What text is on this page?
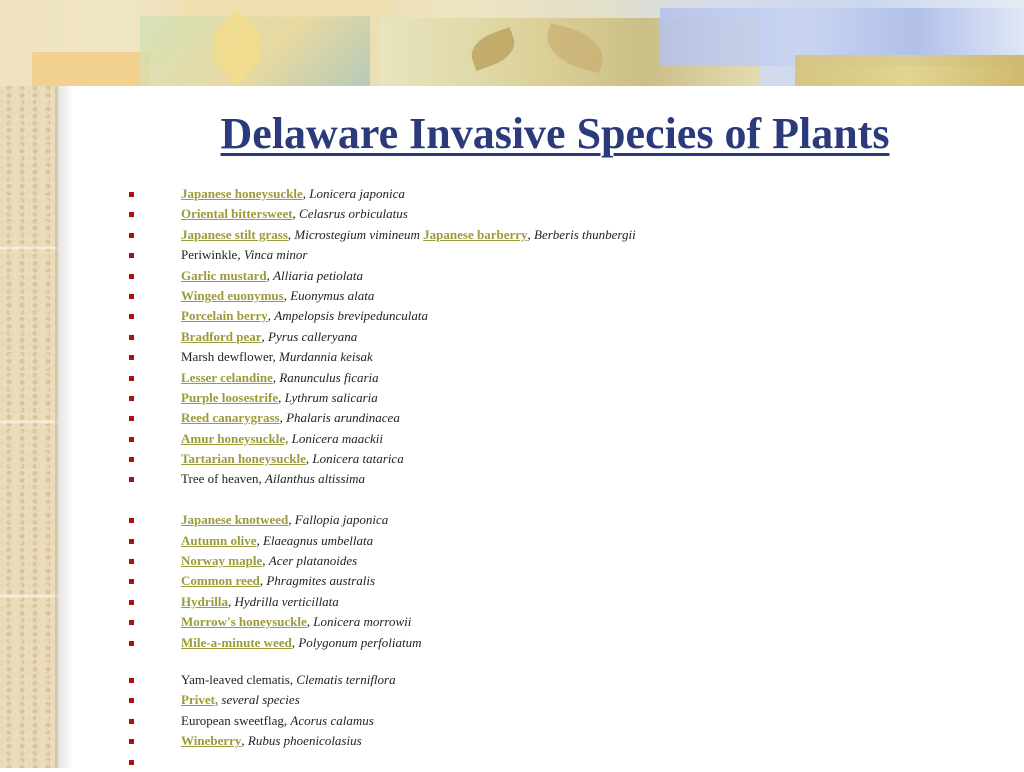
Delaware Invasive Species of Plants
Japanese honeysuckle, Lonicera japonica
Oriental bittersweet, Celasrus orbiculatus
Japanese stilt grass, Microstegium vimineum Japanese barberry, Berberis thunbergii
Periwinkle, Vinca minor
Garlic mustard, Alliaria petiolata
Winged euonymus, Euonymus alata
Porcelain berry, Ampelopsis brevipedunculata
Bradford pear, Pyrus calleryana
Marsh dewflower, Murdannia keisak
Lesser celandine, Ranunculus ficaria
Purple loosestrife, Lythrum salicaria
Reed canarygrass, Phalaris arundinacea
Amur honeysuckle, Lonicera maackii
Tartarian honeysuckle, Lonicera tatarica
Tree of heaven, Ailanthus altissima
Japanese knotweed, Fallopia japonica
Autumn olive, Elaeagnus umbellata
Norway maple, Acer platanoides
Common reed, Phragmites australis
Hydrilla, Hydrilla verticillata
Morrow's honeysuckle, Lonicera morrowii
Mile-a-minute weed, Polygonum perfoliatum
Yam-leaved clematis, Clematis terniflora
Privet, several species
European sweetflag, Acorus calamus
Wineberry, Rubus phoenicolasius
